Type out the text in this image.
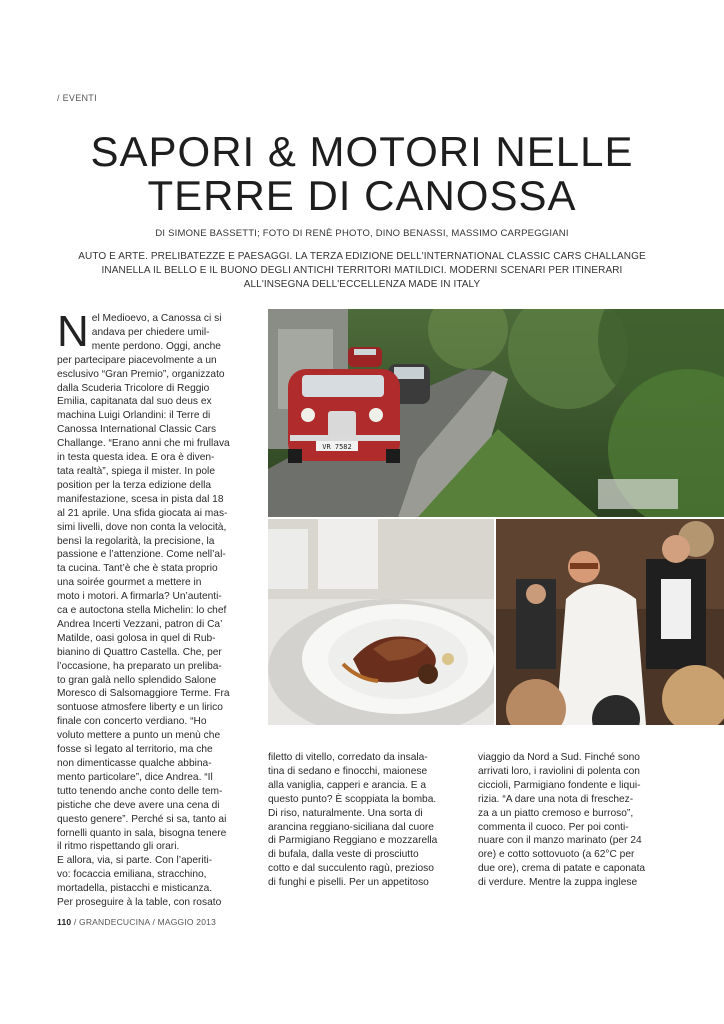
/ EVENTI
SAPORI & MOTORI NELLE
TERRE DI CANOSSA
DI SIMONE BASSETTI; FOTO DI RENÈ PHOTO, DINO BENASSI, MASSIMO CARPEGGIANI
AUTO E ARTE. PRELIBATEZZE E PAESAGGI. LA TERZA EDIZIONE DELL'INTERNATIONAL CLASSIC CARS CHALLANGE
INANELLA IL BELLO E IL BUONO DEGLI ANTICHI TERRITORI MATILDICI. MODERNI SCENARI PER ITINERARI
ALL'INSEGNA DELL'ECCELLENZA MADE IN ITALY
N el Medioevo, a Canossa ci si
andava per chiedere umil-
mente perdono. Oggi, anche
per partecipare piacevolmente a un
esclusivo “Gran Premio”, organizzato
dalla Scuderia Tricolore di Reggio
Emilia, capitanata dal suo deus ex
machina Luigi Orlandini: il Terre di
Canossa International Classic Cars
Challange. “Erano anni che mi frullava
in testa questa idea. E ora è diven-
tata realtà”, spiega il mister. In pole
position per la terza edizione della
manifestazione, scesa in pista dal 18
al 21 aprile. Una sfida giocata ai mas-
simi livelli, dove non conta la velocità,
bensì la regolarità, la precisione, la
passione e l’attenzione. Come nell’al-
ta cucina. Tant’è che è stata proprio
una soirée gourmet a mettere in
moto i motori. A firmarla? Un’autenti-
ca e autoctona stella Michelin: lo chef
Andrea Incerti Vezzani, patron di Ca’
Matilde, oasi golosa in quel di Rub-
bianino di Quattro Castella. Che, per
l’occasione, ha preparato un preliba-
to gran galà nello splendido Salone
Moresco di Salsomaggiore Terme. Fra
sontuose atmosfere liberty e un lirico
finale con concerto verdiano. “Ho
voluto mettere a punto un menù che
fosse sì legato al territorio, ma che
non dimenticasse qualche abbina-
mento particolare”, dice Andrea. “Il
tutto tenendo anche conto delle tem-
pistiche che deve avere una cena di
questo genere”. Perché si sa, tanto ai
fornelli quanto in sala, bisogna tenere
il ritmo rispettando gli orari.
E allora, via, si parte. Con l’aperiti-
vo: focaccia emiliana, stracchino,
mortadella, pistacchi e misticanza.
Per proseguire à la table, con rosato
VR 7582
filetto di vitello, corredato da insala-
tina di sedano e finocchi, maionese
alla vaniglia, capperi e arancia. E a
questo punto? È scoppiata la bomba.
Di riso, naturalmente. Una sorta di
arancina reggiano-siciliana dal cuore
di Parmigiano Reggiano e mozzarella
di bufala, dalla veste di prosciutto
cotto e dal succulento ragù, prezioso
di funghi e piselli. Per un appetitoso
viaggio da Nord a Sud. Finché sono
arrivati loro, i raviolini di polenta con
ciccioli, Parmigiano fondente e liqui-
rizia. “A dare una nota di freschez-
za a un piatto cremoso e burroso”,
commenta il cuoco. Per poi conti-
nuare con il manzo marinato (per 24
ore) e cotto sottovuoto (a 62°C per
due ore), crema di patate e caponata
di verdure. Mentre la zuppa inglese
110 / GRANDECUCINA / MAGGIO 2013
